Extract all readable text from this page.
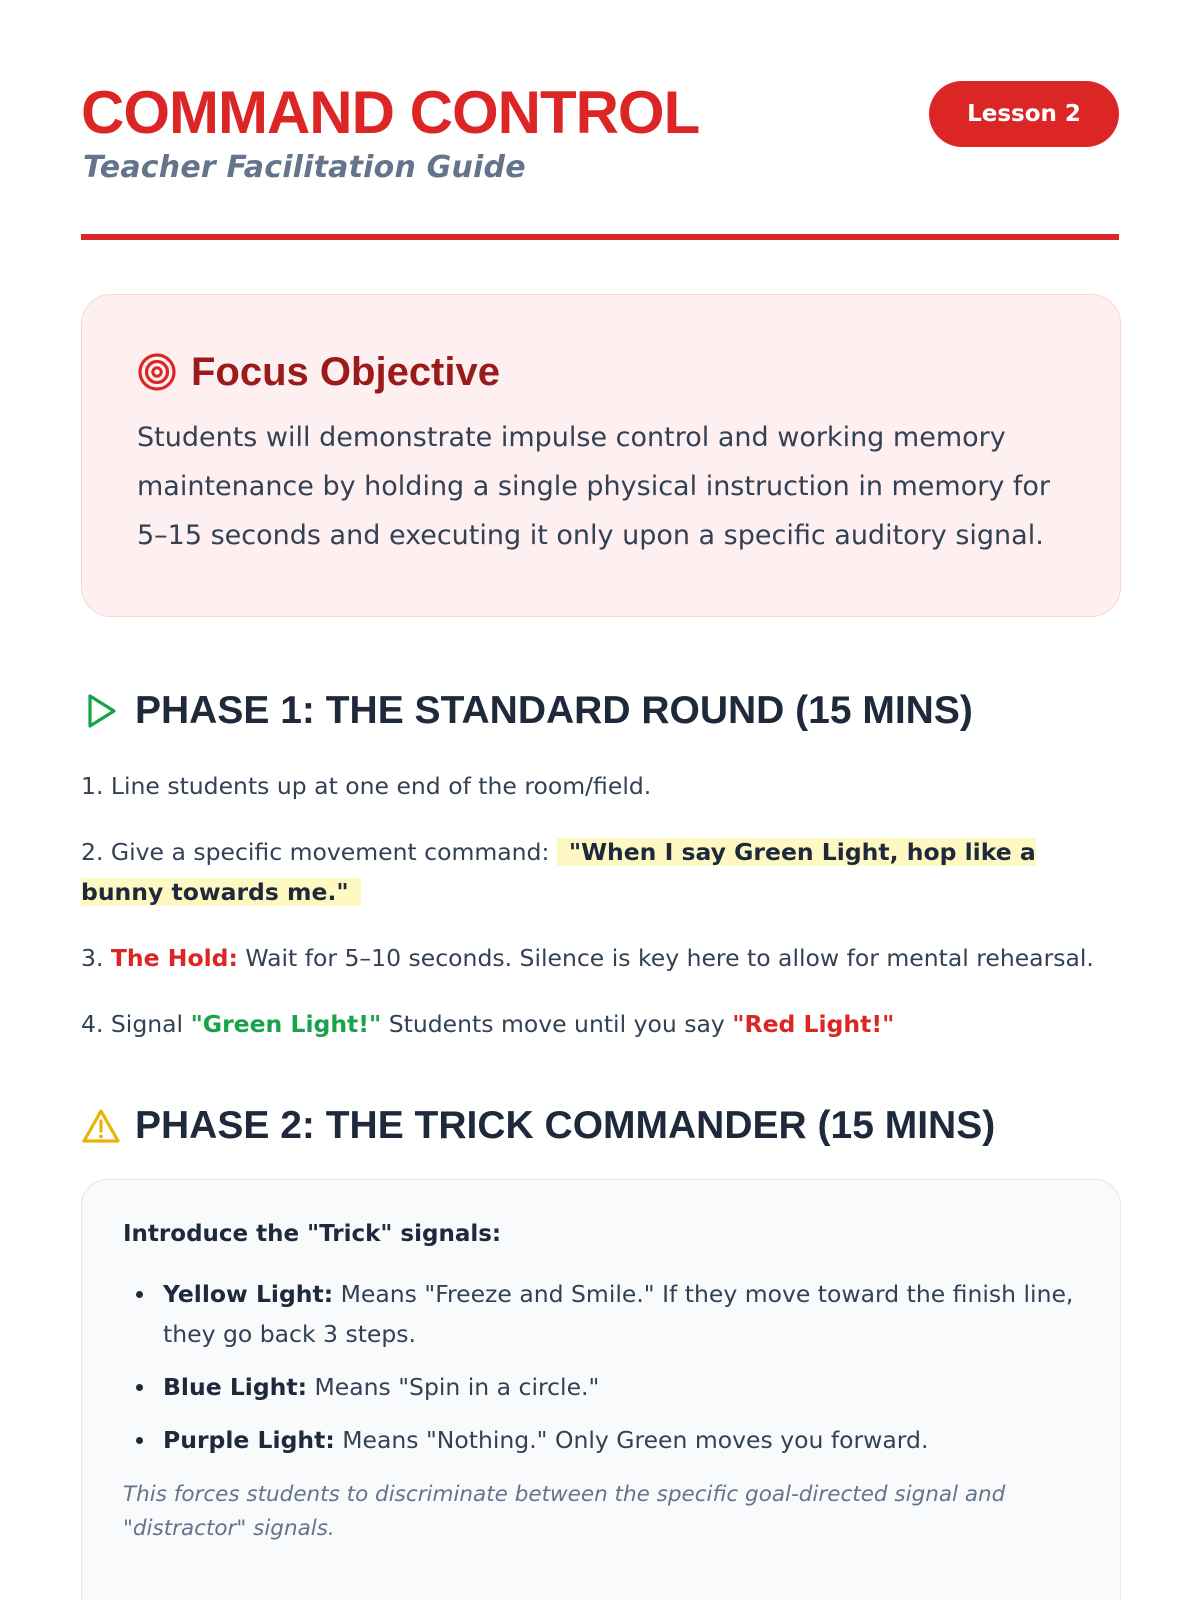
COMMAND CONTROL
Teacher Facilitation Guide
Lesson 2
Focus Objective

Students will demonstrate impulse control and working memory maintenance by holding a single physical instruction in memory for 5–15 seconds and executing it only upon a specific auditory signal.

PHASE 1: THE STANDARD ROUND (15 MINS)

1. Line students up at one end of the room/field.

2. Give a specific movement command: "When I say Green Light, hop like a bunny towards me."

3. The Hold: Wait for 5–10 seconds. Silence is key here to allow for mental rehearsal.

4. Signal "Green Light!" Students move until you say "Red Light!"

PHASE 2: THE TRICK COMMANDER (15 MINS)

Introduce the "Trick" signals:

Yellow Light: Means "Freeze and Smile." If they move toward the finish line, they go back 3 steps.
Blue Light: Means "Spin in a circle."
Purple Light: Means "Nothing." Only Green moves you forward.

This forces students to discriminate between the specific goal-directed signal and "distractor" signals.
